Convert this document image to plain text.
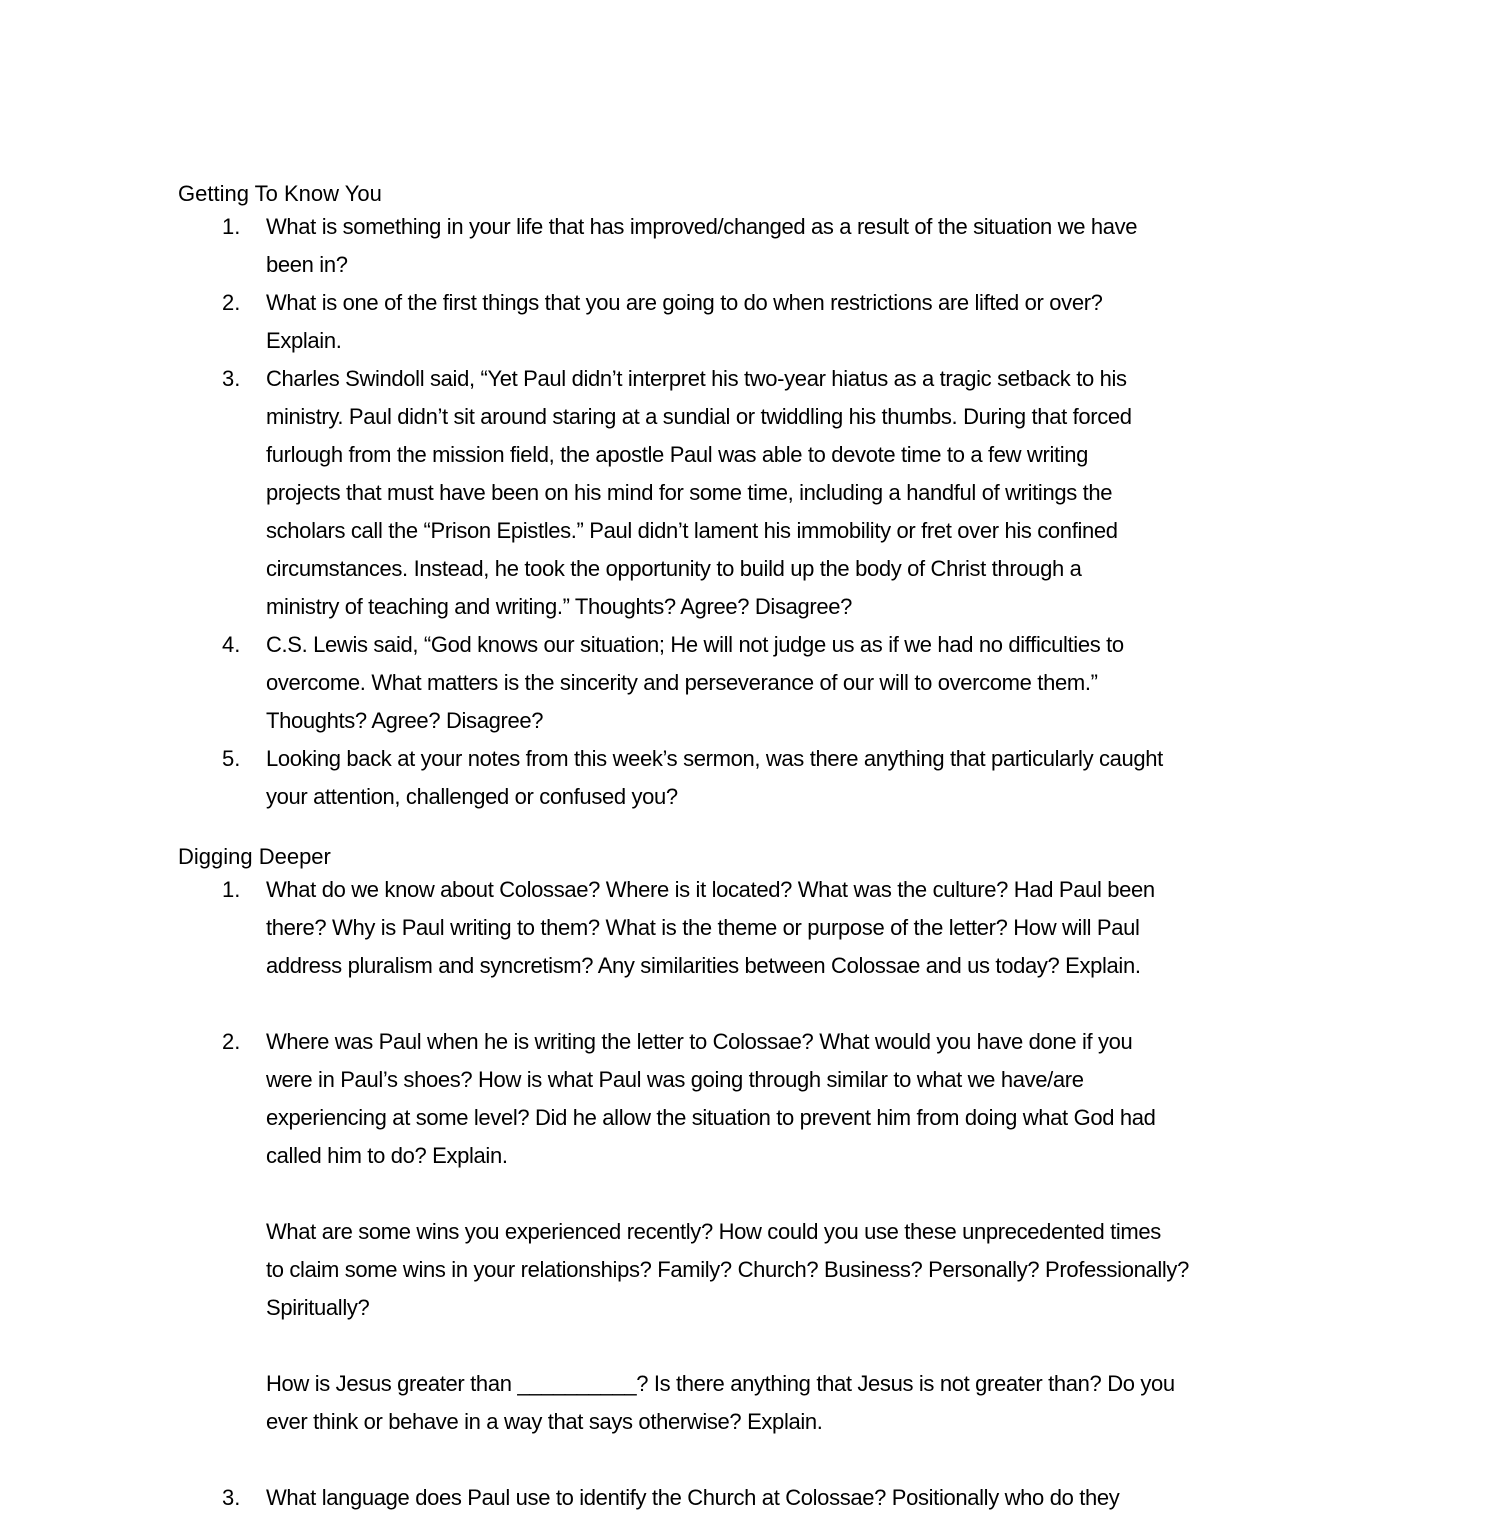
Getting To Know You
1. What is something in your life that has improved/changed as a result of the situation we have
been in?
2. What is one of the first things that you are going to do when restrictions are lifted or over?
Explain.
3. Charles Swindoll said, “Yet Paul didn’t interpret his two-year hiatus as a tragic setback to his
ministry. Paul didn’t sit around staring at a sundial or twiddling his thumbs. During that forced
furlough from the mission field, the apostle Paul was able to devote time to a few writing
projects that must have been on his mind for some time, including a handful of writings the
scholars call the “Prison Epistles.” Paul didn’t lament his immobility or fret over his confined
circumstances. Instead, he took the opportunity to build up the body of Christ through a
ministry of teaching and writing.” Thoughts? Agree? Disagree?
4. C.S. Lewis said, “God knows our situation; He will not judge us as if we had no difficulties to
overcome. What matters is the sincerity and perseverance of our will to overcome them.”
Thoughts? Agree? Disagree?
5. Looking back at your notes from this week’s sermon, was there anything that particularly caught
your attention, challenged or confused you?
Digging Deeper
1. What do we know about Colossae? Where is it located? What was the culture? Had Paul been
there? Why is Paul writing to them? What is the theme or purpose of the letter? How will Paul
address pluralism and syncretism? Any similarities between Colossae and us today? Explain.
2. Where was Paul when he is writing the letter to Colossae? What would you have done if you
were in Paul’s shoes? How is what Paul was going through similar to what we have/are
experiencing at some level? Did he allow the situation to prevent him from doing what God had
called him to do? Explain.
What are some wins you experienced recently? How could you use these unprecedented times
to claim some wins in your relationships? Family? Church? Business? Personally? Professionally?
Spiritually?
How is Jesus greater than __________? Is there anything that Jesus is not greater than? Do you
ever think or behave in a way that says otherwise? Explain.
3. What language does Paul use to identify the Church at Colossae? Positionally who do they
